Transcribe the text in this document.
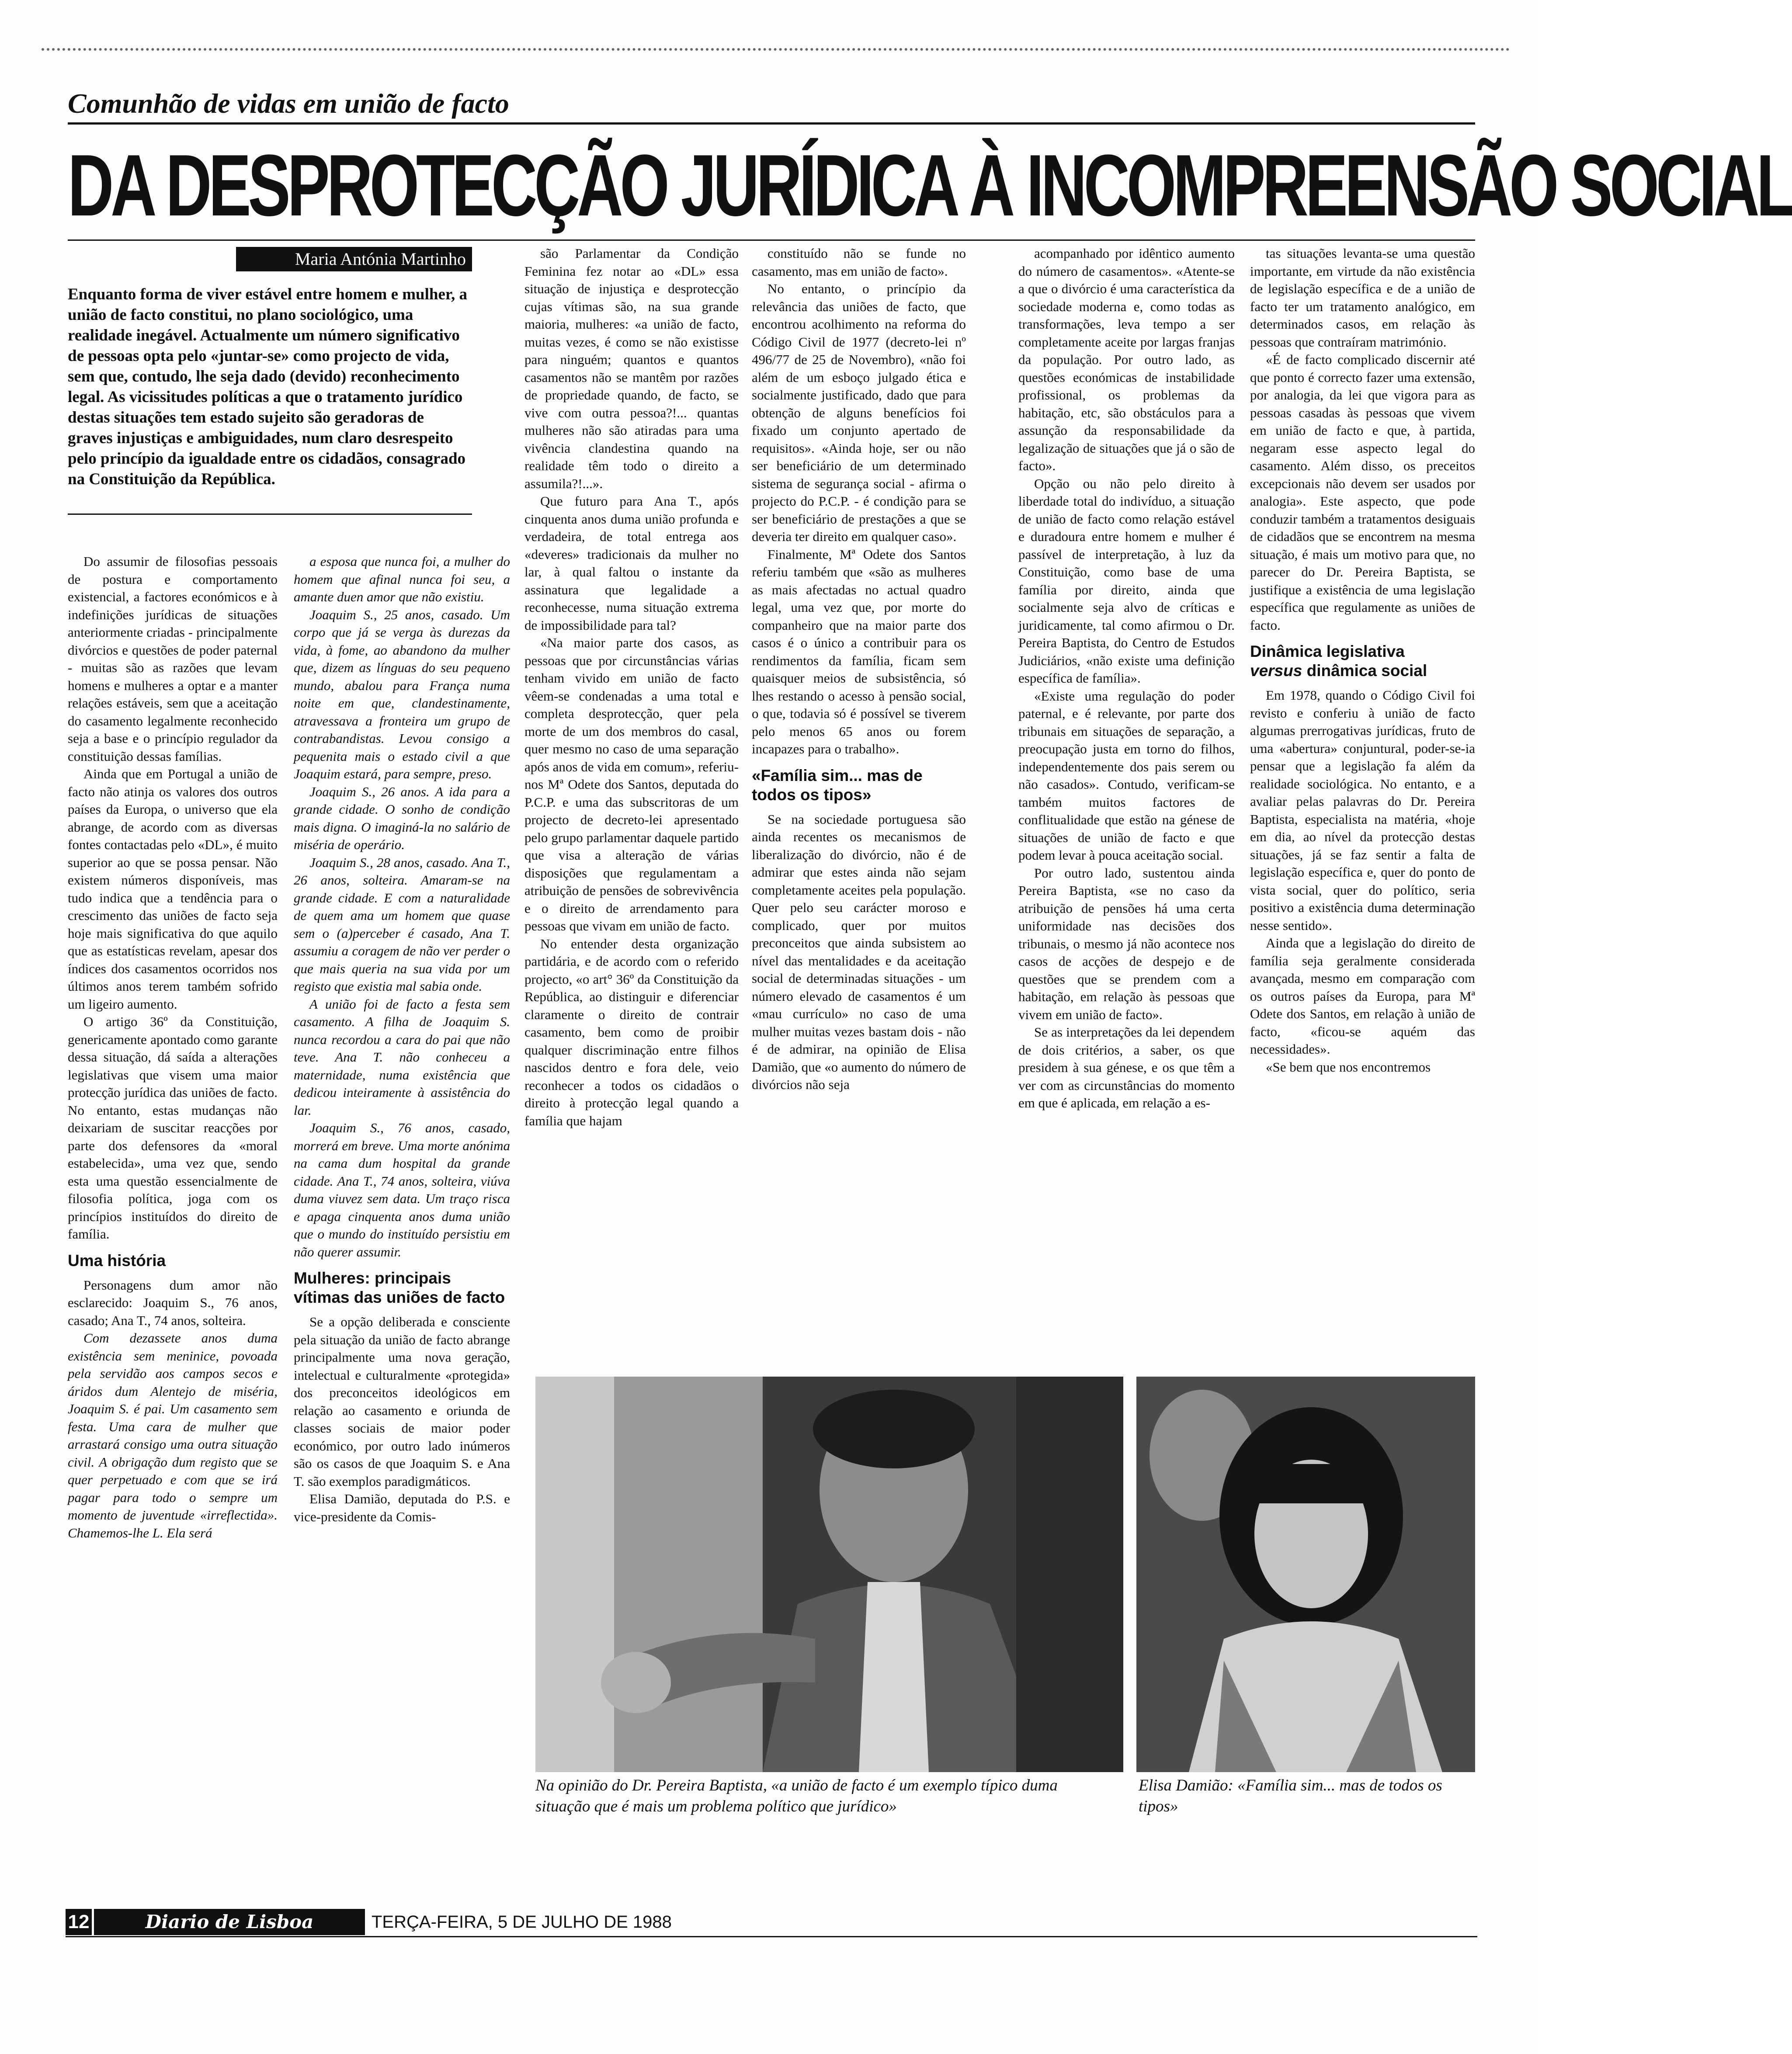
Comunhão de vidas em união de facto
DA DESPROTECÇÃO JURÍDICA À INCOMPREENSÃO SOCIAL
Maria Antónia Martinho
Enquanto forma de viver estável entre homem e mulher, a união de facto constitui, no plano sociológico, uma realidade inegável. Actualmente um número significativo de pessoas opta pelo «juntar-se» como projecto de vida, sem que, contudo, lhe seja dado (devido) reconhecimento legal. As vicissitudes políticas a que o tratamento jurídico destas situações tem estado sujeito são geradoras de graves injustiças e ambiguidades, num claro desrespeito pelo princípio da igualdade entre os cidadãos, consagrado na Constituição da República.

Do assumir de filosofias pessoais de postura e comportamento existencial, a factores económicos e à indefinições jurídicas de situações anteriormente criadas - principalmente divórcios e questões de poder paternal - muitas são as razões que levam homens e mulheres a optar e a manter relações estáveis, sem que a aceitação do casamento legalmente reconhecido seja a base e o princípio regulador da constituição dessas famílias.

Ainda que em Portugal a união de facto não atinja os valores dos outros países da Europa, o universo que ela abrange, de acordo com as diversas fontes contactadas pelo «DL», é muito superior ao que se possa pensar. Não existem números disponíveis, mas tudo indica que a tendência para o crescimento das uniões de facto seja hoje mais significativa do que aquilo que as estatísticas revelam, apesar dos índices dos casamentos ocorridos nos últimos anos terem também sofrido um ligeiro aumento.

O artigo 36º da Constituição, genericamente apontado como garante dessa situação, dá saída a alterações legislativas que visem uma maior protecção jurídica das uniões de facto. No entanto, estas mudanças não deixariam de suscitar reacções por parte dos defensores da «moral estabelecida», uma vez que, sendo esta uma questão essencialmente de filosofia política, joga com os princípios instituídos do direito de família.

Uma história

Personagens dum amor não esclarecido: Joaquim S., 76 anos, casado; Ana T., 74 anos, solteira.

Com dezassete anos duma existência sem meninice, povoada pela servidão aos campos secos e áridos dum Alentejo de miséria, Joaquim S. é pai. Um casamento sem festa. Uma cara de mulher que arrastará consigo uma outra situação civil. A obrigação dum registo que se quer perpetuado e com que se irá pagar para todo o sempre um momento de juventude «irreflectida». Chamemos-lhe L. Ela será

a esposa que nunca foi, a mulher do homem que afinal nunca foi seu, a amante duen amor que não existiu.

Joaquim S., 25 anos, casado. Um corpo que já se verga às durezas da vida, à fome, ao abandono da mulher que, dizem as línguas do seu pequeno mundo, abalou para França numa noite em que, clandestinamente, atravessava a fronteira um grupo de contrabandistas. Levou consigo a pequenita mais o estado civil a que Joaquim estará, para sempre, preso.

Joaquim S., 26 anos. A ida para a grande cidade. O sonho de condição mais digna. O imaginá-la no salário de miséria de operário.

Joaquim S., 28 anos, casado. Ana T., 26 anos, solteira. Amaram-se na grande cidade. E com a naturalidade de quem ama um homem que quase sem o (a)perceber é casado, Ana T. assumiu a coragem de não ver perder o que mais queria na sua vida por um registo que existia mal sabia onde.

A união foi de facto a festa sem casamento. A filha de Joaquim S. nunca recordou a cara do pai que não teve. Ana T. não conheceu a maternidade, numa existência que dedicou inteiramente à assistência do lar.

Joaquim S., 76 anos, casado, morrerá em breve. Uma morte anónima na cama dum hospital da grande cidade. Ana T., 74 anos, solteira, viúva duma viuvez sem data. Um traço risca e apaga cinquenta anos duma união que o mundo do instituído persistiu em não querer assumir.

Mulheres: principais vítimas das uniões de facto

Se a opção deliberada e consciente pela situação da união de facto abrange principalmente uma nova geração, intelectual e culturalmente «protegida» dos preconceitos ideológicos em relação ao casamento e oriunda de classes sociais de maior poder económico, por outro lado inúmeros são os casos de que Joaquim S. e Ana T. são exemplos paradigmáticos.

Elisa Damião, deputada do P.S. e vice-presidente da Comis-

são Parlamentar da Condição Feminina fez notar ao «DL» essa situação de injustiça e desprotecção cujas vítimas são, na sua grande maioria, mulheres: «a união de facto, muitas vezes, é como se não existisse para ninguém; quantos e quantos casamentos não se mantêm por razões de propriedade quando, de facto, se vive com outra pessoa?!... quantas mulheres não são atiradas para uma vivência clandestina quando na realidade têm todo o direito a assumila?!...».

Que futuro para Ana T., após cinquenta anos duma união profunda e verdadeira, de total entrega aos «deveres» tradicionais da mulher no lar, à qual faltou o instante da assinatura que legalidade a reconhecesse, numa situação extrema de impossibilidade para tal?

«Na maior parte dos casos, as pessoas que por circunstâncias várias tenham vivido em união de facto vêem-se condenadas a uma total e completa desprotecção, quer pela morte de um dos membros do casal, quer mesmo no caso de uma separação após anos de vida em comum», referiu-nos Mª Odete dos Santos, deputada do P.C.P. e uma das subscritoras de um projecto de decreto-lei apresentado pelo grupo parlamentar daquele partido que visa a alteração de várias disposições que regulamentam a atribuição de pensões de sobrevivência e o direito de arrendamento para pessoas que vivam em união de facto.

No entender desta organização partidária, e de acordo com o referido projecto, «o art° 36º da Constituição da República, ao distinguir e diferenciar claramente o direito de contrair casamento, bem como de proibir qualquer discriminação entre filhos nascidos dentro e fora dele, veio reconhecer a todos os cidadãos o direito à protecção legal quando a família que hajam

constituído não se funde no casamento, mas em união de facto».

No entanto, o princípio da relevância das uniões de facto, que encontrou acolhimento na reforma do Código Civil de 1977 (decreto-lei nº 496/77 de 25 de Novembro), «não foi além de um esboço julgado ética e socialmente justificado, dado que para obtenção de alguns benefícios foi fixado um conjunto apertado de requisitos». «Ainda hoje, ser ou não ser beneficiário de um determinado sistema de segurança social - afirma o projecto do P.C.P. - é condição para se ser beneficiário de prestações a que se deveria ter direito em qualquer caso».

Finalmente, Mª Odete dos Santos referiu também que «são as mulheres as mais afectadas no actual quadro legal, uma vez que, por morte do companheiro que na maior parte dos casos é o único a contribuir para os rendimentos da família, ficam sem quaisquer meios de subsistência, só lhes restando o acesso à pensão social, o que, todavia só é possível se tiverem pelo menos 65 anos ou forem incapazes para o trabalho».

«Família sim... mas de todos os tipos»

Se na sociedade portuguesa são ainda recentes os mecanismos de liberalização do divórcio, não é de admirar que estes ainda não sejam completamente aceites pela população. Quer pelo seu carácter moroso e complicado, quer por muitos preconceitos que ainda subsistem ao nível das mentalidades e da aceitação social de determinadas situações - um número elevado de casamentos é um «mau currículo» no caso de uma mulher muitas vezes bastam dois - não é de admirar, na opinião de Elisa Damião, que «o aumento do número de divórcios não seja

acompanhado por idêntico aumento do número de casamentos». «Atente-se a que o divórcio é uma característica da sociedade moderna e, como todas as transformações, leva tempo a ser completamente aceite por largas franjas da população. Por outro lado, as questões económicas de instabilidade profissional, os problemas da habitação, etc, são obstáculos para a assunção da responsabilidade da legalização de situações que já o são de facto».

Opção ou não pelo direito à liberdade total do indivíduo, a situação de união de facto como relação estável e duradoura entre homem e mulher é passível de interpretação, à luz da Constituição, como base de uma família por direito, ainda que socialmente seja alvo de críticas e juridicamente, tal como afirmou o Dr. Pereira Baptista, do Centro de Estudos Judiciários, «não existe uma definição específica de família».

«Existe uma regulação do poder paternal, e é relevante, por parte dos tribunais em situações de separação, a preocupação justa em torno do filhos, independentemente dos pais serem ou não casados». Contudo, verificam-se também muitos factores de conflitualidade que estão na génese de situações de união de facto e que podem levar à pouca aceitação social.

Por outro lado, sustentou ainda Pereira Baptista, «se no caso da atribuição de pensões há uma certa uniformidade nas decisões dos tribunais, o mesmo já não acontece nos casos de acções de despejo e de questões que se prendem com a habitação, em relação às pessoas que vivem em união de facto».

Se as interpretações da lei dependem de dois critérios, a saber, os que presidem à sua génese, e os que têm a ver com as circunstâncias do momento em que é aplicada, em relação a es-

tas situações levanta-se uma questão importante, em virtude da não existência de legislação específica e de a união de facto ter um tratamento analógico, em determinados casos, em relação às pessoas que contraíram matrimónio.

«É de facto complicado discernir até que ponto é correcto fazer uma extensão, por analogia, da lei que vigora para as pessoas casadas às pessoas que vivem em união de facto e que, à partida, negaram esse aspecto legal do casamento. Além disso, os preceitos excepcionais não devem ser usados por analogia». Este aspecto, que pode conduzir também a tratamentos desiguais de cidadãos que se encontrem na mesma situação, é mais um motivo para que, no parecer do Dr. Pereira Baptista, se justifique a existência de uma legislação específica que regulamente as uniões de facto.

Dinâmica legislativa
versus dinâmica social

Em 1978, quando o Código Civil foi revisto e conferiu à união de facto algumas prerrogativas jurídicas, fruto de uma «abertura» conjuntural, poder-se-ia pensar que a legislação fa além da realidade sociológica. No entanto, e a avaliar pelas palavras do Dr. Pereira Baptista, especialista na matéria, «hoje em dia, ao nível da protecção destas situações, já se faz sentir a falta de legislação específica e, quer do ponto de vista social, quer do político, seria positivo a existência duma determinação nesse sentido».

Ainda que a legislação do direito de família seja geralmente considerada avançada, mesmo em comparação com os outros países da Europa, para Mª Odete dos Santos, em relação à união de facto, «ficou-se aquém das necessidades».

«Se bem que nos encontremos

Na opinião do Dr. Pereira Baptista, «a união de facto é um exemplo típico duma situação que é mais um problema político que jurídico»
Elisa Damião: «Família sim... mas de todos os tipos»
12	Diario de Lisboa	TERÇA-FEIRA, 5 DE JULHO DE 1988
